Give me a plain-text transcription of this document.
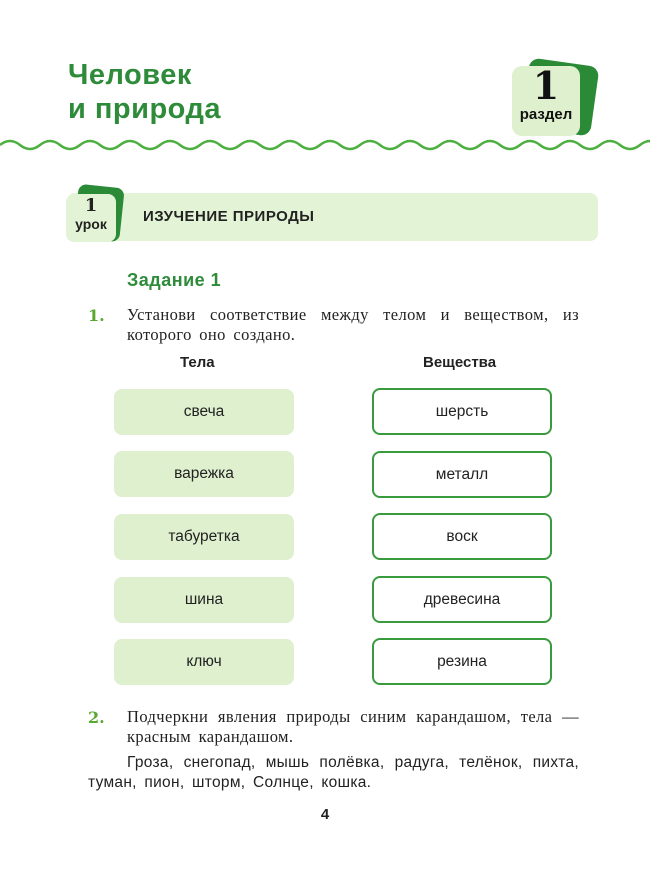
Человек
и природа
1
раздел
1
урок	ИЗУЧЕНИЕ ПРИРОДЫ
Задание 1
1. Установи соответствие между телом и веществом, из которого оно создано.
Тела	Вещества
свеча
варежка
табуретка
шина
ключ
шерсть
металл
воск
древесина
резина
2. Подчеркни явления природы синим карандашом, тела — красным карандашом.
Гроза, снегопад, мышь полёвка, радуга, телёнок, пихта, туман, пион, шторм, Солнце, кошка.
4
